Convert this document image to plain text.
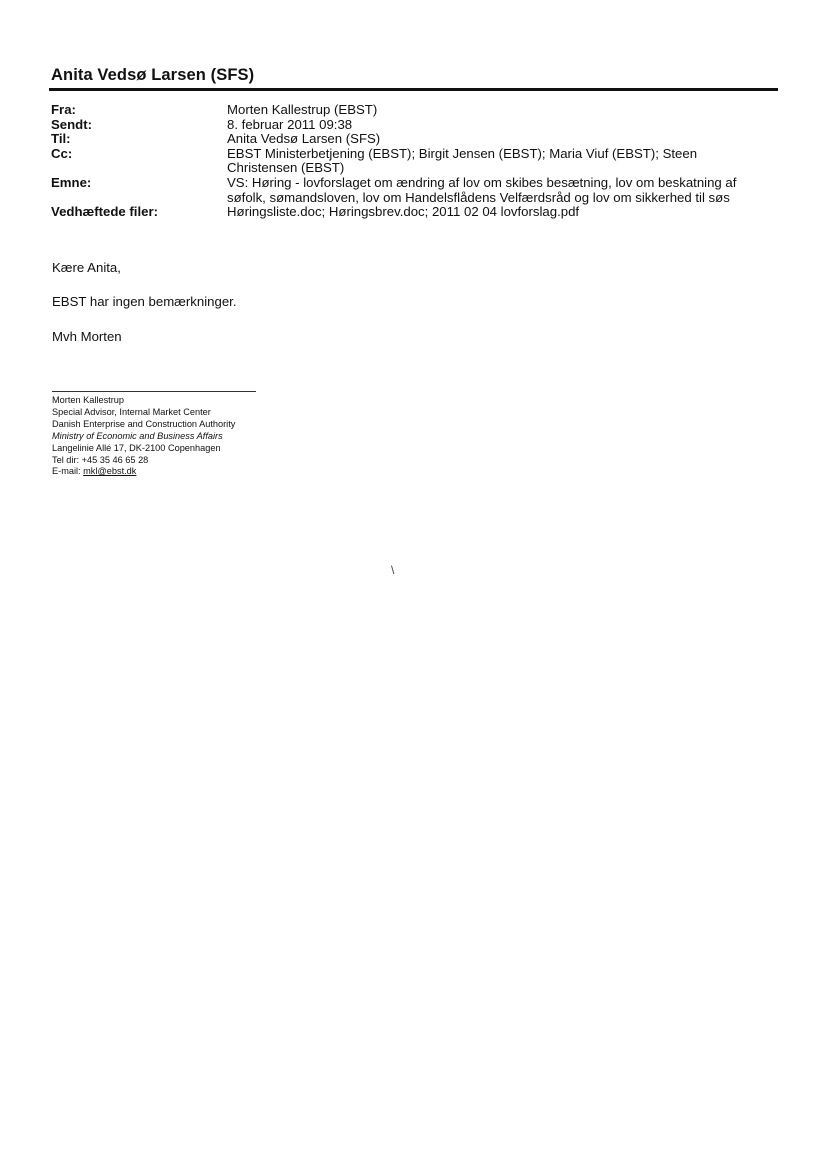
Anita Vedsø Larsen (SFS)
Fra:	Morten Kallestrup (EBST)
Sendt:	8. februar 2011 09:38
Til:	Anita Vedsø Larsen (SFS)
Cc:	EBST Ministerbetjening (EBST); Birgit Jensen (EBST); Maria Viuf (EBST); Steen
Christensen (EBST)
Emne:	VS: Høring - lovforslaget om ændring af lov om skibes besætning, lov om beskatning af
søfolk, sømandsloven, lov om Handelsflådens Velfærdsråd og lov om sikkerhed til søs
Vedhæftede filer:	Høringsliste.doc; Høringsbrev.doc; 2011 02 04 lovforslag.pdf
Kære Anita,
EBST har ingen bemærkninger.
Mvh Morten
Morten Kallestrup
Special Advisor, Internal Market Center
Danish Enterprise and Construction Authority
Ministry of Economic and Business Affairs
Langelinie Allé 17, DK-2100 Copenhagen
Tel dir: +45 35 46 65 28
E-mail: mkl@ebst.dk
\
